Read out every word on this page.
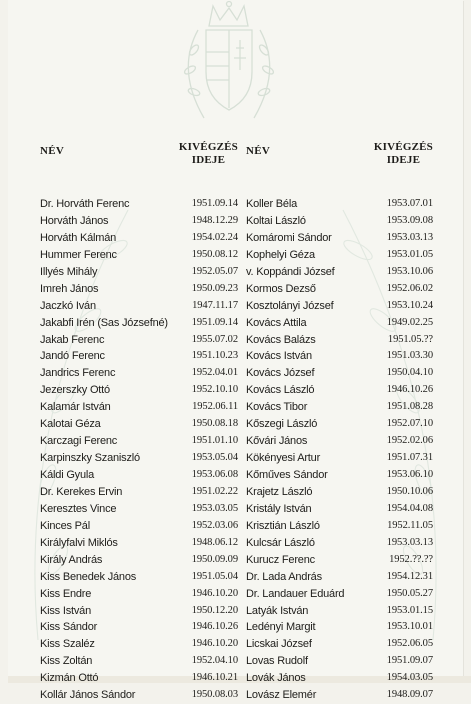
NÉV	KIVÉGZÉS
IDEJE
Dr. Horváth Ferenc	1951.09.14
Horváth János	1948.12.29
Horváth Kálmán	1954.02.24
Hummer Ferenc	1950.08.12
Illyés Mihály	1952.05.07
Imreh János	1950.09.23
Jaczkó Iván	1947.11.17
Jakabfi Irén (Sas Józsefné) 1951.09.14
Jakab Ferenc	1955.07.02
Jandó Ferenc	1951.10.23
Jandrics Ferenc	1952.04.01
Jezerszky Ottó	1952.10.10
Kalamár István	1952.06.11
Kalotai Géza	1950.08.18
Karczagi Ferenc	1951.01.10
Karpinszky Szaniszló	1953.05.04
Káldi Gyula	1953.06.08
Dr. Kerekes Ervin	1951.02.22
Keresztes Vince	1953.03.05
Kinces Pál	1952.03.06
Királyfalvi Miklós	1948.06.12
Király András	1950.09.09
Kiss Benedek János	1951.05.04
Kiss Endre	1946.10.20
Kiss István	1950.12.20
Kiss Sándor	1946.10.26
Kiss Szaléz	1946.10.20
Kiss Zoltán	1952.04.10
Kizmán Ottó	1946.10.21
Kollár János Sándor	1950.08.03
NÉV	KIVÉGZÉS
IDEJE
Koller Béla	1953.07.01
Koltai László	1953.09.08
Komáromi Sándor	1953.03.13
Kophelyi Géza	1953.01.05
v. Koppándi József	1953.10.06
Kormos Dezső	1952.06.02
Kosztolányi József	1953.10.24
Kovács Attila	1949.02.25
Kovács Balázs	1951.05.??
Kovács István	1951.03.30
Kovács József	1950.04.10
Kovács László	1946.10.26
Kovács Tibor	1951.08.28
Kőszegi László	1952.07.10
Kővári János	1952.02.06
Kökényesi Artur	1951.07.31
Kőműves Sándor	1953.06.10
Krajetz László	1950.10.06
Kristály István	1954.04.08
Krisztián László	1952.11.05
Kulcsár László	1953.03.13
Kurucz Ferenc	1952.??.??
Dr. Lada András	1954.12.31
Dr. Landauer Eduárd	1950.05.27
Latyák István	1953.01.15
Ledényi Margit	1953.10.01
Licskai József	1952.06.05
Lovas Rudolf	1951.09.07
Lovák János	1954.03.05
Lovász Elemér	1948.09.07
